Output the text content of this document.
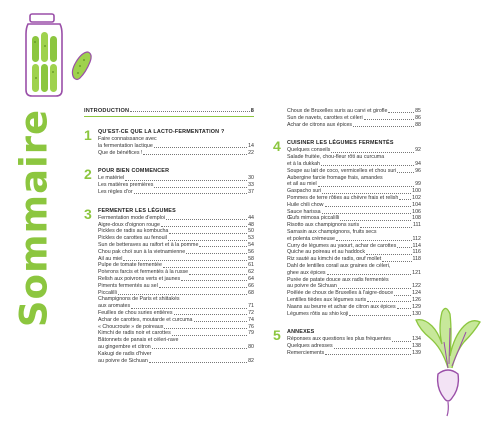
Sommaire	INTRODUCTION	8
1	QU'EST-CE QUE LA LACTO-FERMENTATION ?
Faire connaissance avec
la fermentation lactique	14
Que de bénéfices !	22
2	POUR BIEN COMMENCER
Le matériel	30
Les matières premières	33
Les règles d'or	37
3	FERMENTER LES LÉGUMES
Fermentation mode d'emploi	44
Aigre-doux d'oignon rouge	48
Pickles de radis au kombucha	50
Pickles de carottes au fenouil	53
Sun de betteraves au raifort et à la pomme	54
Chou pak choï sun à la vietnamienne	56
Ail au miel	58
Pulpe de tomate fermentée	61
Poivrons farcis et fermentés à la russe	62
Relish aux poivrons verts et jaunes	64
Piments fermentés au sel	66
Piccalilli	68
Champignons de Paris et shiitakés
aux aromates	71
Feuilles de chou suries entières	72
Achar de carottes, moutarde et curcuma	74
« Choucroute » de poireaux	76
Kimchi de radis noir et carottes	79
Bâtonnets de panais et céleri-rave
au gingembre et citron	80
Kakugi de radis d'hiver
au poivre de Sichuan	82
Choux de Bruxelles suris au carvi et girofle	85
Sun de navets, carottes et céleri	86
Achar de citrons aux épices	88
4	CUISINER LES LÉGUMES FERMENTÉS
Quelques conseils	92
Salade fruitée, chou-fleur rôti au curcuma
et à la dukkah	94
Soupe au lait de coco, vermicelles et chou suri	96
Aubergine farcie fromage frais, amandes
et ail au miel	99
Gaspacho suri	100
Pommes de terre rôties au chèvre frais et relish	102
Huile chili chow	104
Sauce harissa	106
Œufs mimosa piccalilli	108
Risotto aux champignons suris	111
Sarrasin aux champignons, fruits secs
et polenta crémeuse	112
Curry de légumes au yaourt, achar de carottes	114
Quiche au poireau et au haddock	116
Riz sauté au kimchi de radis, œuf mollet	118
Dahl de lentilles corail aux graines de céleri,
ghee aux épices	121
Purée de patate douce aux radis fermentés
au poivre de Sichuan	122
Poêlée de choux de Bruxelles à l'aigre-douce	124
Lentilles tièdes aux légumes suris	126
Naans au beurre et achar de citron aux épices	129
Légumes rôtis au shio koji	130
5	ANNEXES
Réponses aux questions les plus fréquentes	134
Quelques adresses	138
Remerciements	139
